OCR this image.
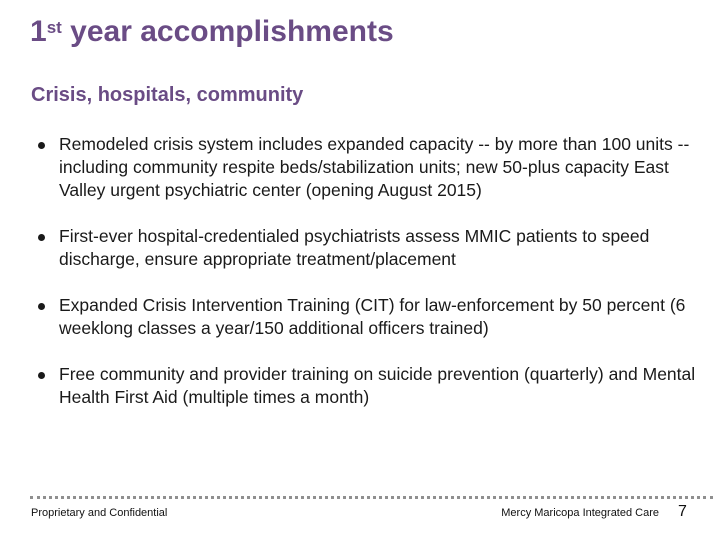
1st year accomplishments
Crisis, hospitals, community
Remodeled crisis system includes expanded capacity -- by more than 100 units -- including community respite beds/stabilization units; new 50-plus capacity East Valley urgent psychiatric center (opening August 2015)
First-ever hospital-credentialed psychiatrists assess MMIC patients to speed discharge, ensure appropriate treatment/placement
Expanded Crisis Intervention Training (CIT) for law-enforcement by 50 percent (6 weeklong classes a year/150 additional officers trained)
Free community and provider training on suicide prevention (quarterly) and Mental Health First Aid (multiple times a month)
Proprietary and Confidential	Mercy Maricopa Integrated Care 7
